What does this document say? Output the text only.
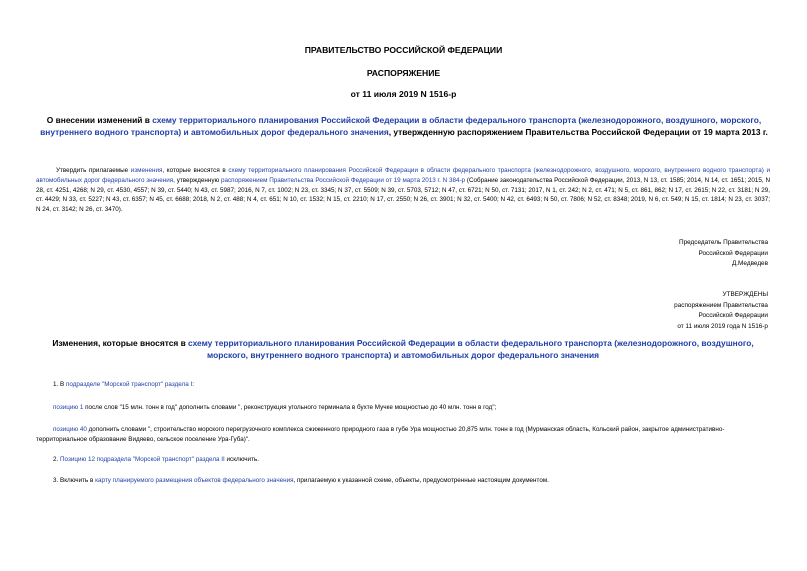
ПРАВИТЕЛЬСТВО РОССИЙСКОЙ ФЕДЕРАЦИИ
РАСПОРЯЖЕНИЕ
от 11 июля 2019 N 1516-р
О внесении изменений в схему территориального планирования Российской Федерации в области федерального транспорта (железнодорожного, воздушного, морского, внутреннего водного транспорта) и автомобильных дорог федерального значения, утвержденную распоряжением Правительства Российской Федерации от 19 марта 2013 г.
Утвердить прилагаемые изменения, которые вносятся в схему территориального планирования Российской Федерации в области федерального транспорта (железнодорожного, воздушного, морского, внутреннего водного транспорта) и автомобильных дорог федерального значения, утвержденную распоряжением Правительства Российской Федерации от 19 марта 2013 г. N 384-р (Собрание законодательства Российской Федерации, 2013, N 13, ст. 1585; 2014, N 14, ст. 1651; 2015, N 28, ст. 4251, 4268; N 29, ст. 4530, 4557; N 39, ст. 5440; N 43, ст. 5987; 2016, N 7, ст. 1002; N 23, ст. 3345; N 37, ст. 5509; N 39, ст. 5703, 5712; N 47, ст. 6721; N 50, ст. 7131; 2017, N 1, ст. 242; N 2, ст. 471; N 5, ст. 861, 862; N 17, ст. 2615; N 22, ст. 3181; N 29, ст. 4429; N 33, ст. 5227; N 43, ст. 6357; N 45, ст. 6688; 2018, N 2, ст. 488; N 4, ст. 651; N 10, ст. 1532; N 15, ст. 2210; N 17, ст. 2550; N 26, ст. 3901; N 32, ст. 5400; N 42, ст. 6493; N 50, ст. 7806; N 52, ст. 8348; 2019, N 6, ст. 549; N 15, ст. 1814; N 23, ст. 3037; N 24, ст. 3142; N 26, ст. 3470).
Председатель Правительства
Российской Федерации
Д.Медведев
УТВЕРЖДЕНЫ
распоряжением Правительства
Российской Федерации
от 11 июля 2019 года N 1516-р
Изменения, которые вносятся в схему территориального планирования Российской Федерации в области федерального транспорта (железнодорожного, воздушного, морского, внутреннего водного транспорта) и автомобильных дорог федерального значения
1. В подразделе "Морской транспорт" раздела I:
позицию 1 после слов "15 млн. тонн в год" дополнить словами ", реконструкция угольного терминала в бухте Мучке мощностью до 40 млн. тонн в год";
позицию 40 дополнить словами ", строительство морского перегрузочного комплекса сжиженного природного газа в губе Ура мощностью 20,875 млн. тонн в год (Мурманская область, Кольский район, закрытое административно-территориальное образование Видяево, сельское поселение Ура-Губа)".
2. Позицию 12 подраздела "Морской транспорт" раздела II исключить.
3. Включить в карту планируемого размещения объектов федерального значения, прилагаемую к указанной схеме, объекты, предусмотренные настоящим документом.
